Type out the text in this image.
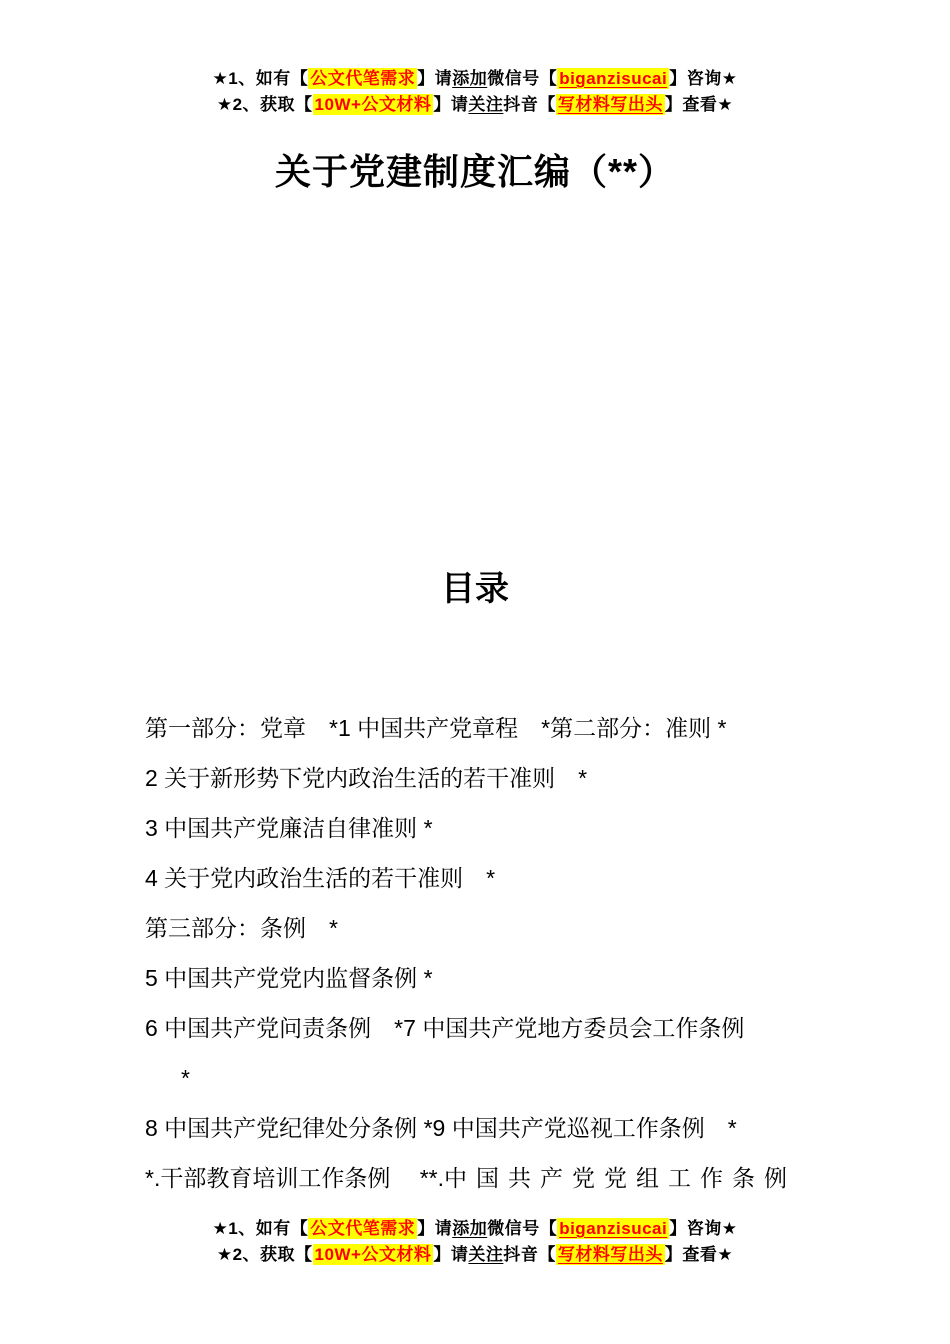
★1、如有【 公文代笔需求 】请添加微信号【 biganzisucai 】咨询★
★2、获取【 10W+公文材料 】请关注抖音【 写材料写出头 】查看★
关于党建制度汇编（**）
目录
第一部分：党章　*1 中国共产党章程　*第二部分：准则 *
2 关于新形势下党内政治生活的若干准则　*
3 中国共产党廉洁自律准则 *
4 关于党内政治生活的若干准则　*
第三部分：条例　*
5 中国共产党党内监督条例 *
6 中国共产党问责条例　*7 中国共产党地方委员会工作条例
*
8 中国共产党纪律处分条例 *9 中国共产党巡视工作条例　*
*.干部教育培训工作条例　 **.中国共产党党组工作条例
★1、如有【 公文代笔需求 】请添加微信号【 biganzisucai 】咨询★
★2、获取【 10W+公文材料 】请关注抖音【 写材料写出头 】查看★
